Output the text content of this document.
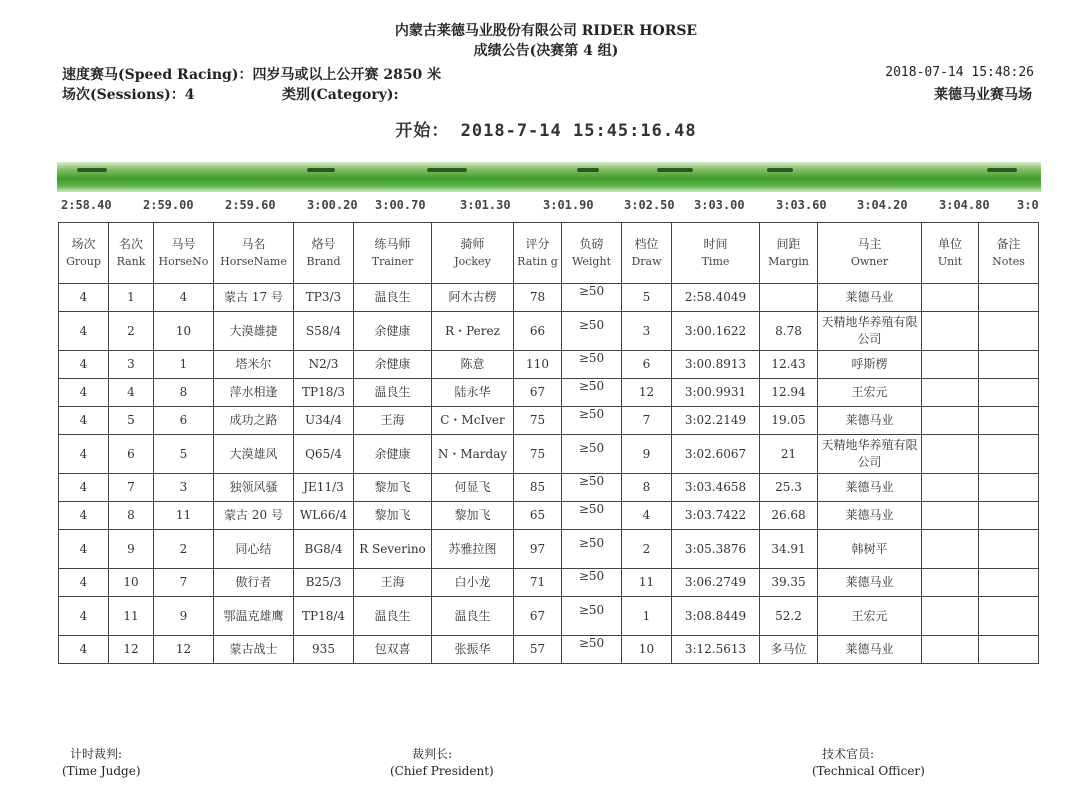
内蒙古莱德马业股份有限公司 RIDER HORSE
成绩公告(决赛第 4 组)
速度赛马(Speed Racing)：四岁马或以上公开赛 2850 米
场次(Sessions)：4	类别(Category):
2018-07-14 15:48:26
莱德马业赛马场
开始： 2018-7-14 15:45:16.48
2:58.40	2:59.00	2:59.60	3:00.20 3:00.70	3:01.30	3:01.90	3:02.50 3:03.00	3:03.60	3:04.20	3:04.80 3:0
场次
Group	名次
Rank	马号
HorseNo	马名
HorseName	烙号
Brand	练马师
Trainer	骑师
Jockey	评分
Ratin g	负磅
Weight	档位
Draw	时间
Time	间距
Margin	马主
Owner	单位
Unit	备注
Notes

4	1	4	蒙古 17 号	TP3/3	温良生	阿木古楞	78	≥50	5	2:58.4049		莱德马业		
4	2	10	大漠雄捷	S58/4	余健康	R・Perez	66	≥50	3	3:00.1622	8.78	天精地华养殖有限公司		
4	3	1	塔米尔	N2/3	余健康	陈意	110	≥50	6	3:00.8913	12.43	呼斯楞		
4	4	8	萍水相逢	TP18/3	温良生	陆永华	67	≥50	12	3:00.9931	12.94	王宏元		
4	5	6	成功之路	U34/4	王海	C・McIver	75	≥50	7	3:02.2149	19.05	莱德马业		
4	6	5	大漠雄风	Q65/4	余健康	N・Marday	75	≥50	9	3:02.6067	21	天精地华养殖有限公司		
4	7	3	独领风骚	JE11/3	黎加飞	何显飞	85	≥50	8	3:03.4658	25.3	莱德马业		
4	8	11	蒙古 20 号	WL66/4	黎加飞	黎加飞	65	≥50	4	3:03.7422	26.68	莱德马业		
4	9	2	同心结	BG8/4	R Severino	苏雅拉图	97	≥50	2	3:05.3876	34.91	韩树平		
4	10	7	傲行者	B25/3	王海	白小龙	71	≥50	11	3:06.2749	39.35	莱德马业		
4	11	9	鄂温克雄鹰	TP18/4	温良生	温良生	67	≥50	1	3:08.8449	52.2	王宏元		
4	12	12	蒙古战士	935	包双喜	张振华	57	≥50	10	3:12.5613	多马位	莱德马业		
计时裁判:
(Time Judge)
裁判长:
(Chief President)
技术官员:
(Technical Officer)
